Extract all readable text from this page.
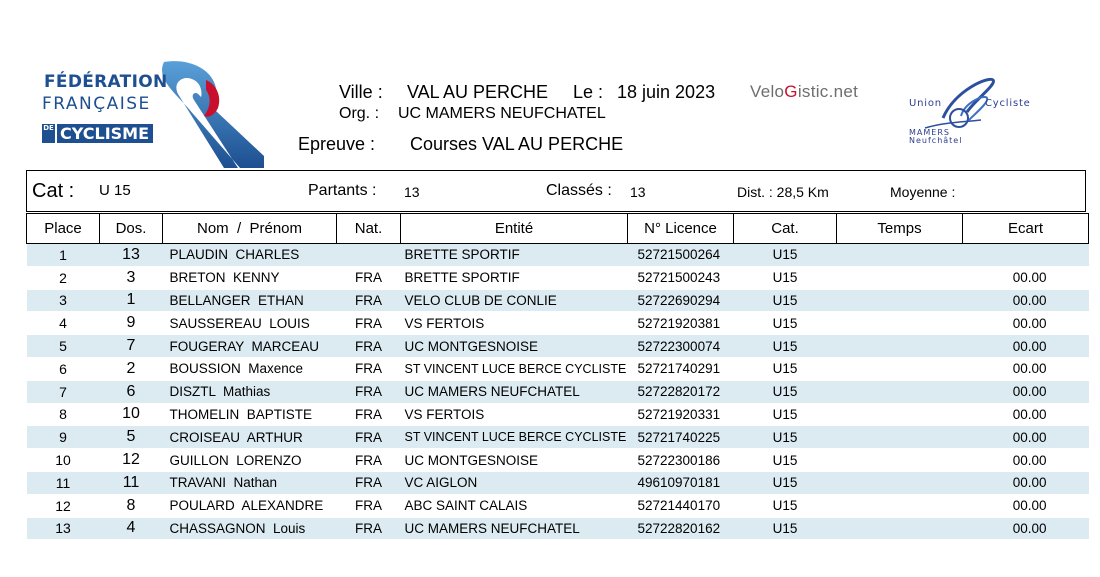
FÉDÉRATION
FRANÇAISE
DE CYCLISME
Ville : VAL AU PERCHE Le : 18 juin 2023
Org. : UC MAMERS NEUFCHATEL
Epreuve : Courses VAL AU PERCHE
VeloGistic.net
Union	Cycliste
MAMERS
Neufchâtel
Cat : U 15	Partants : 13	Classés : 13	Dist. : 28,5 Km	Moyenne :
Place	Dos.	Nom  /  Prénom	Nat.	Entité	N° Licence	Cat.	Temps	Ecart
1	13	PLAUDIN  CHARLES		BRETTE SPORTIF	52721500264	U15		
2	3	BRETON  KENNY	FRA	BRETTE SPORTIF	52721500243	U15		00.00
3	1	BELLANGER  ETHAN	FRA	VELO CLUB DE CONLIE	52722690294	U15		00.00
4	9	SAUSSEREAU  LOUIS	FRA	VS FERTOIS	52721920381	U15		00.00
5	7	FOUGERAY  MARCEAU	FRA	UC MONTGESNOISE	52722300074	U15		00.00
6	2	BOUSSION  Maxence	FRA	ST VINCENT LUCE BERCE CYCLISTE	52721740291	U15		00.00
7	6	DISZTL  Mathias	FRA	UC MAMERS NEUFCHATEL	52722820172	U15		00.00
8	10	THOMELIN  BAPTISTE	FRA	VS FERTOIS	52721920331	U15		00.00
9	5	CROISEAU  ARTHUR	FRA	ST VINCENT LUCE BERCE CYCLISTE	52721740225	U15		00.00
10	12	GUILLON  LORENZO	FRA	UC MONTGESNOISE	52722300186	U15		00.00
11	11	TRAVANI  Nathan	FRA	VC AIGLON	49610970181	U15		00.00
12	8	POULARD  ALEXANDRE	FRA	ABC SAINT CALAIS	52721440170	U15		00.00
13	4	CHASSAGNON  Louis	FRA	UC MAMERS NEUFCHATEL	52722820162	U15		00.00
